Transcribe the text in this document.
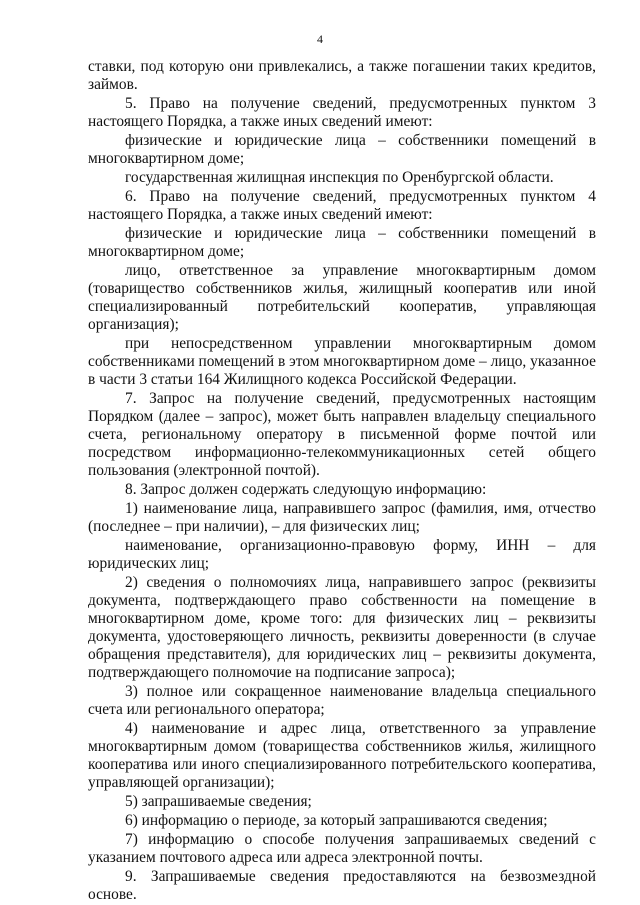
4

ставки, под которую они привлекались, а также погашении таких кредитов, займов.

5. Право на получение сведений, предусмотренных пунктом 3 настоящего Порядка, а также иных сведений имеют:

физические и юридические лица – собственники помещений в многоквартирном доме;

государственная жилищная инспекция по Оренбургской области.

6. Право на получение сведений, предусмотренных пунктом 4 настоящего Порядка, а также иных сведений имеют:

физические и юридические лица – собственники помещений в многоквартирном доме;

лицо, ответственное за управление многоквартирным домом (товарищество собственников жилья, жилищный кооператив или иной специализированный потребительский кооператив, управляющая организация);

при непосредственном управлении многоквартирным домом собственниками помещений в этом многоквартирном доме – лицо, указанное в части 3 статьи 164 Жилищного кодекса Российской Федерации.

7. Запрос на получение сведений, предусмотренных настоящим Порядком (далее – запрос), может быть направлен владельцу специального счета, региональному оператору в письменной форме почтой или посредством информационно-телекоммуникационных сетей общего пользования (электронной почтой).

8. Запрос должен содержать следующую информацию:

1) наименование лица, направившего запрос (фамилия, имя, отчество (последнее – при наличии), – для физических лиц;

наименование, организационно-правовую форму, ИНН – для юридических лиц;

2) сведения о полномочиях лица, направившего запрос (реквизиты документа, подтверждающего право собственности на помещение в многоквартирном доме, кроме того: для физических лиц – реквизиты документа, удостоверяющего личность, реквизиты доверенности (в случае обращения представителя), для юридических лиц – реквизиты документа, подтверждающего полномочие на подписание запроса);

3) полное или сокращенное наименование владельца специального счета или регионального оператора;

4) наименование и адрес лица, ответственного за управление многоквартирным домом (товарищества собственников жилья, жилищного кооператива или иного специализированного потребительского кооператива, управляющей организации);

5) запрашиваемые сведения;

6) информацию о периоде, за который запрашиваются сведения;

7) информацию о способе получения запрашиваемых сведений с указанием почтового адреса или адреса электронной почты.

9. Запрашиваемые сведения предоставляются на безвозмездной основе.
